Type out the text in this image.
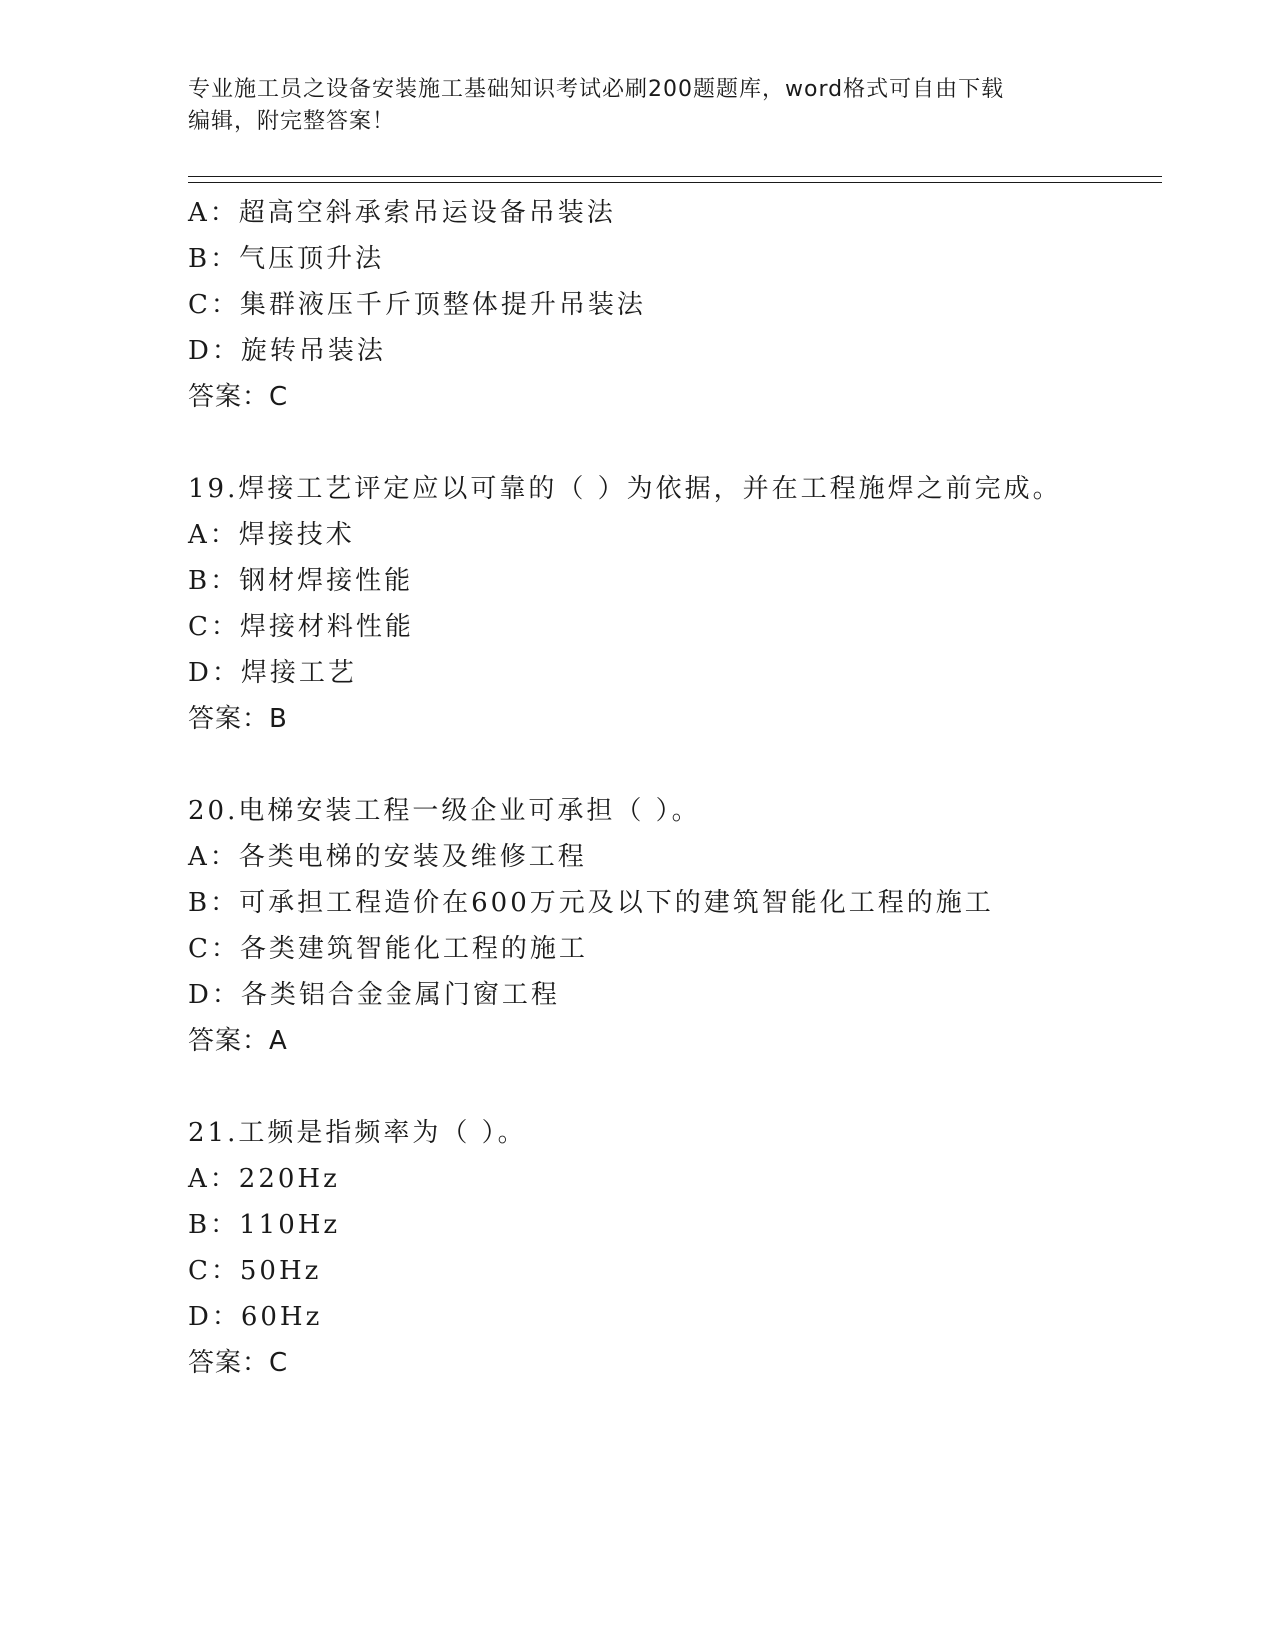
专业施工员之设备安装施工基础知识考试必刷200题题库，word格式可自由下载
编辑，附完整答案！
A：超高空斜承索吊运设备吊装法
B：气压顶升法
C：集群液压千斤顶整体提升吊装法
D：旋转吊装法
答案：C
19.焊接工艺评定应以可靠的（ ）为依据，并在工程施焊之前完成。
A：焊接技术
B：钢材焊接性能
C：焊接材料性能
D：焊接工艺
答案：B
20.电梯安装工程一级企业可承担（ ）。
A：各类电梯的安装及维修工程
B：可承担工程造价在600万元及以下的建筑智能化工程的施工
C：各类建筑智能化工程的施工
D：各类铝合金金属门窗工程
答案：A
21.工频是指频率为（ ）。
A：220Hz
B：110Hz
C：50Hz
D：60Hz
答案：C
